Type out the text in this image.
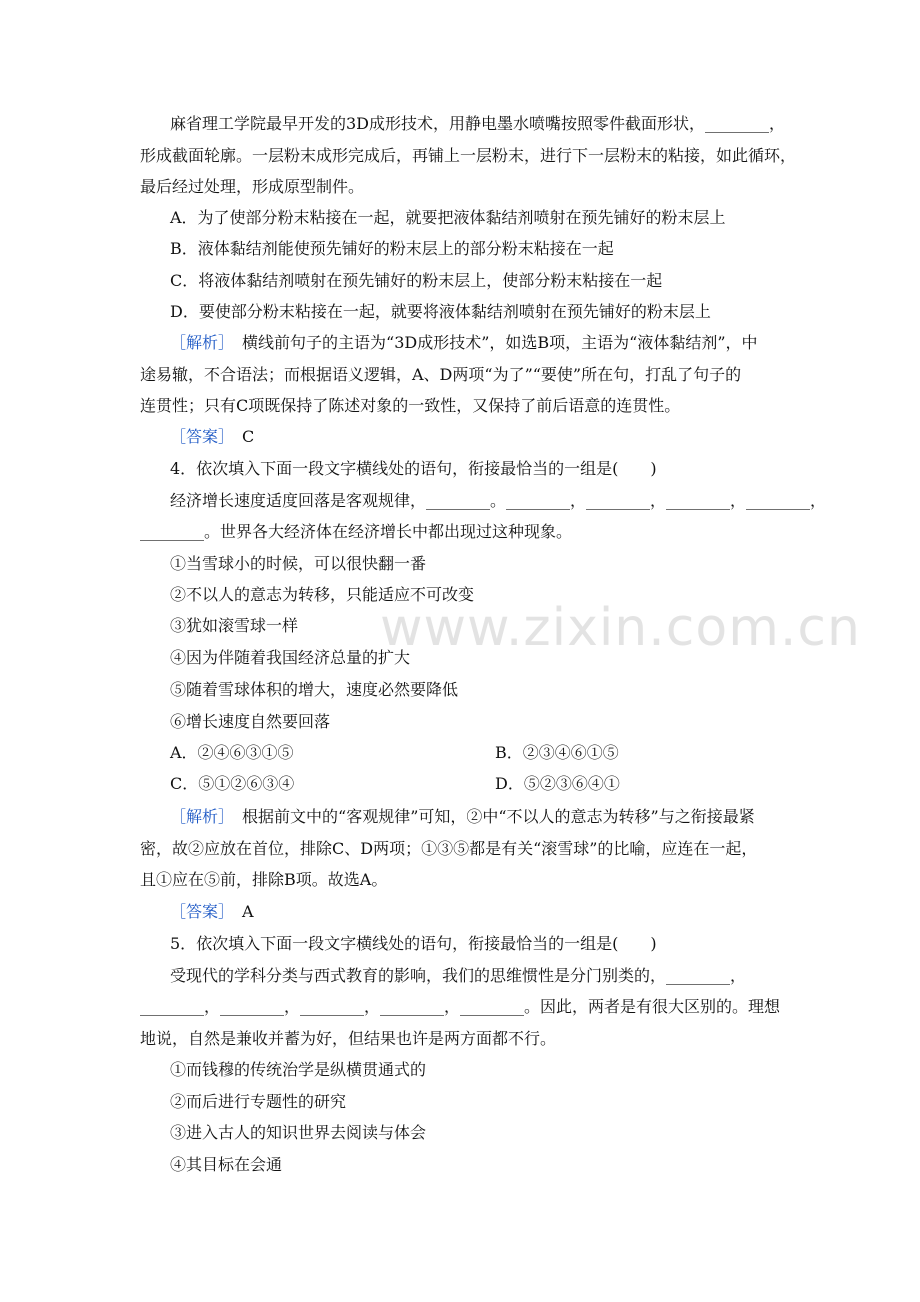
www.zixin.com.cn
麻省理工学院最早开发的3D成形技术，用静电墨水喷嘴按照零件截面形状，________，
形成截面轮廓。一层粉末成形完成后，再铺上一层粉末，进行下一层粉末的粘接，如此循环，
最后经过处理，形成原型制件。
A．为了使部分粉末粘接在一起，就要把液体黏结剂喷射在预先铺好的粉末层上
B．液体黏结剂能使预先铺好的粉末层上的部分粉末粘接在一起
C．将液体黏结剂喷射在预先铺好的粉末层上，使部分粉末粘接在一起
D．要使部分粉末粘接在一起，就要将液体黏结剂喷射在预先铺好的粉末层上
［解析］　横线前句子的主语为“3D成形技术”，如选B项，主语为“液体黏结剂”，中
途易辙，不合语法；而根据语义逻辑，A、D两项“为了”“要使”所在句，打乱了句子的
连贯性；只有C项既保持了陈述对象的一致性，又保持了前后语意的连贯性。
［答案］　C
4．依次填入下面一段文字横线处的语句，衔接最恰当的一组是(　　)
经济增长速度适度回落是客观规律，________。________，________，________，________，
________。世界各大经济体在经济增长中都出现过这种现象。
①当雪球小的时候，可以很快翻一番
②不以人的意志为转移，只能适应不可改变
③犹如滚雪球一样
④因为伴随着我国经济总量的扩大
⑤随着雪球体积的增大，速度必然要降低
⑥增长速度自然要回落
A．②④⑥③①⑤	B．②③④⑥①⑤
C．⑤①②⑥③④	D．⑤②③⑥④①
［解析］　根据前文中的“客观规律”可知，②中“不以人的意志为转移”与之衔接最紧
密，故②应放在首位，排除C、D两项；①③⑤都是有关“滚雪球”的比喻，应连在一起，
且①应在⑤前，排除B项。故选A。
［答案］　A
5．依次填入下面一段文字横线处的语句，衔接最恰当的一组是(　　)
受现代的学科分类与西式教育的影响，我们的思维惯性是分门别类的，________，
________，________，________，________，________。因此，两者是有很大区别的。理想
地说，自然是兼收并蓄为好，但结果也许是两方面都不行。
①而钱穆的传统治学是纵横贯通式的
②而后进行专题性的研究
③进入古人的知识世界去阅读与体会
④其目标在会通
